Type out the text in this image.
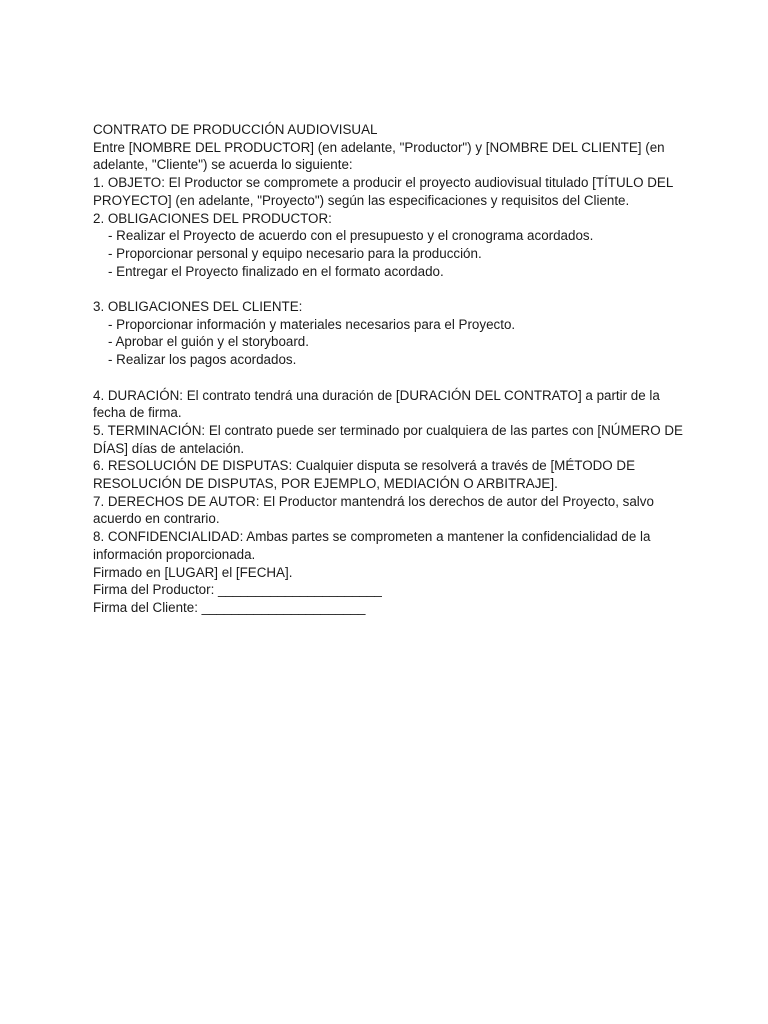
CONTRATO DE PRODUCCIÓN AUDIOVISUAL

Entre [NOMBRE DEL PRODUCTOR] (en adelante, "Productor") y [NOMBRE DEL CLIENTE] (en adelante, "Cliente") se acuerda lo siguiente:

1. OBJETO: El Productor se compromete a producir el proyecto audiovisual titulado [TÍTULO DEL PROYECTO] (en adelante, "Proyecto") según las especificaciones y requisitos del Cliente.

2. OBLIGACIONES DEL PRODUCTOR:

- Realizar el Proyecto de acuerdo con el presupuesto y el cronograma acordados.

- Proporcionar personal y equipo necesario para la producción.

- Entregar el Proyecto finalizado en el formato acordado.

3. OBLIGACIONES DEL CLIENTE:

- Proporcionar información y materiales necesarios para el Proyecto.

- Aprobar el guión y el storyboard.

- Realizar los pagos acordados.

4. DURACIÓN: El contrato tendrá una duración de [DURACIÓN DEL CONTRATO] a partir de la fecha de firma.

5. TERMINACIÓN: El contrato puede ser terminado por cualquiera de las partes con [NÚMERO DE DÍAS] días de antelación.

6. RESOLUCIÓN DE DISPUTAS: Cualquier disputa se resolverá a través de [MÉTODO DE RESOLUCIÓN DE DISPUTAS, POR EJEMPLO, MEDIACIÓN O ARBITRAJE].

7. DERECHOS DE AUTOR: El Productor mantendrá los derechos de autor del Proyecto, salvo acuerdo en contrario.

8. CONFIDENCIALIDAD: Ambas partes se comprometen a mantener la confidencialidad de la información proporcionada.

Firmado en [LUGAR] el [FECHA].

Firma del Productor: ______________________
Firma del Cliente: ______________________
